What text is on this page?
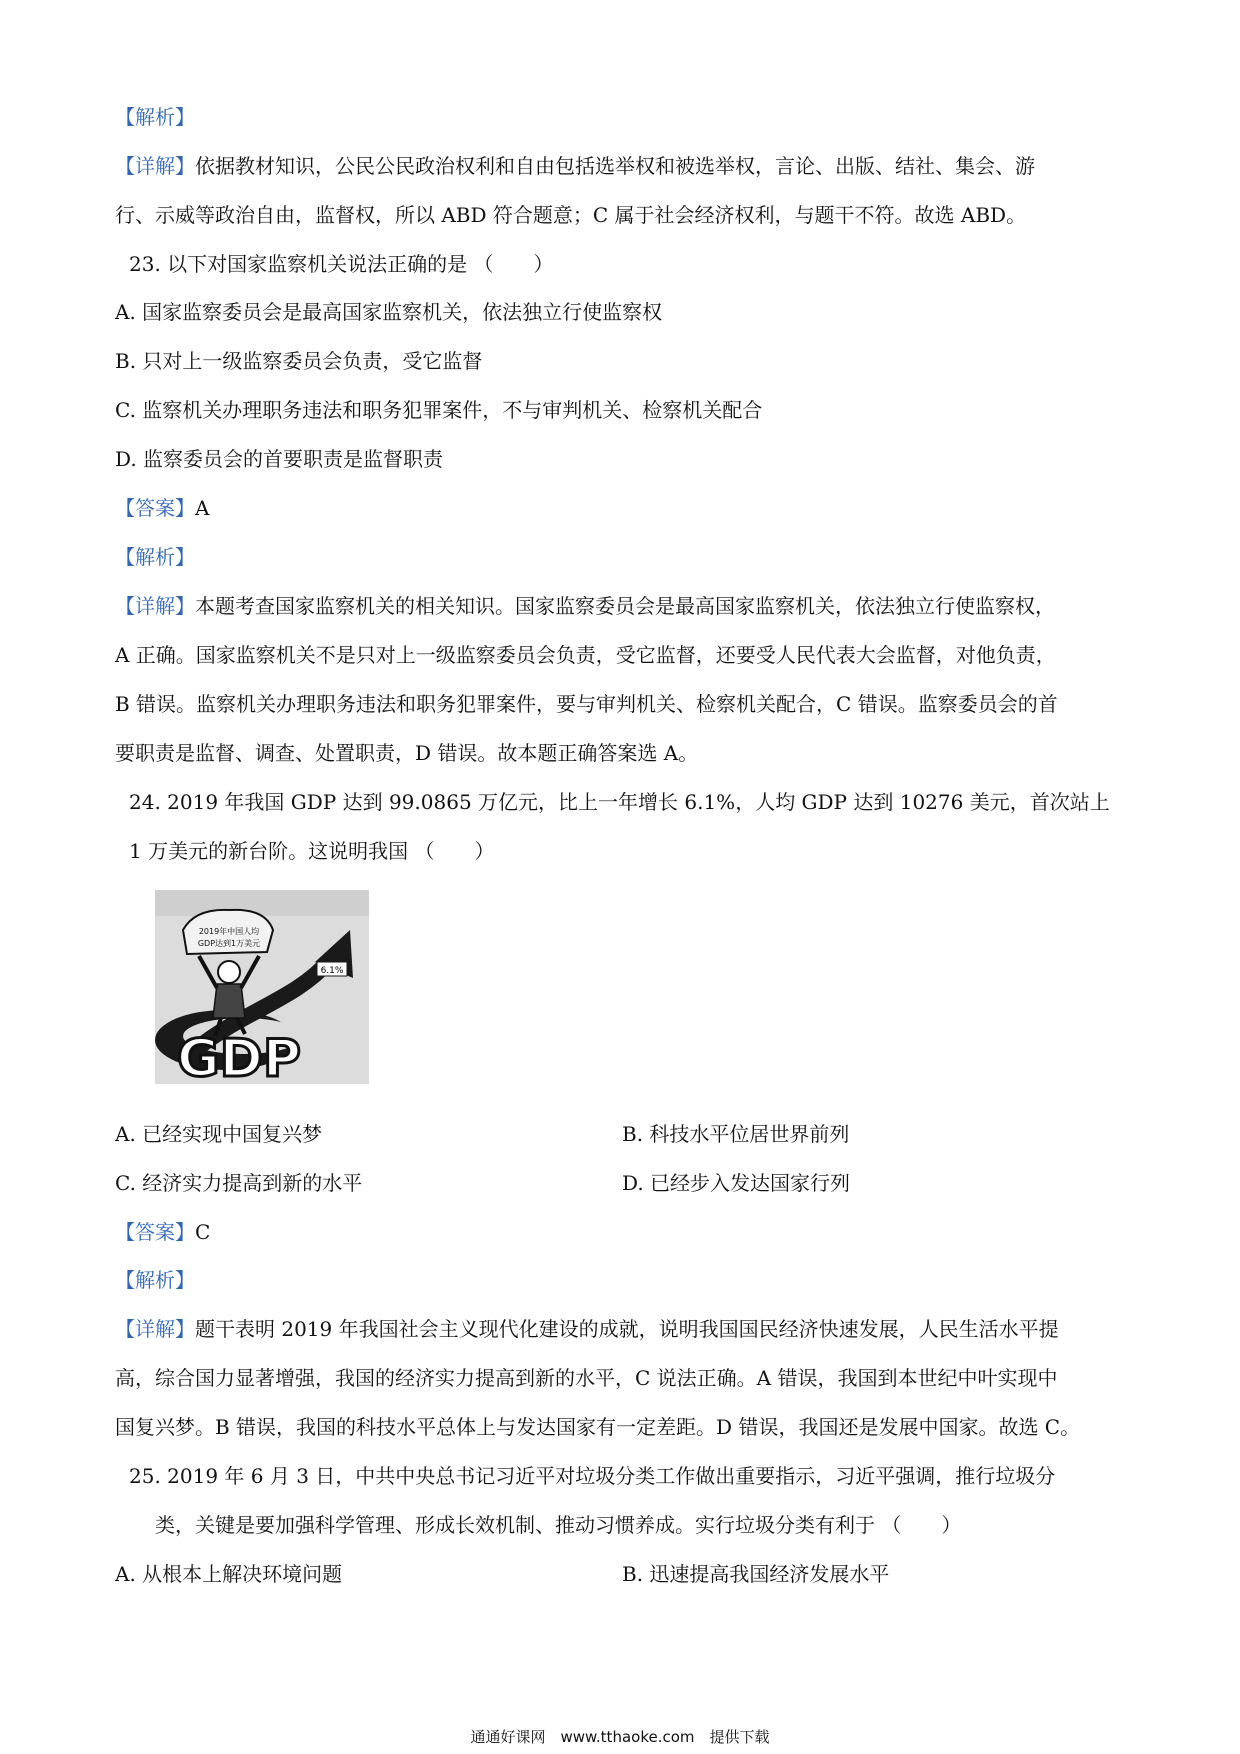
【解析】
【详解】依据教材知识，公民公民政治权利和自由包括选举权和被选举权，言论、出版、结社、集会、游
行、示威等政治自由，监督权，所以 ABD 符合题意；C 属于社会经济权利，与题干不符。故选 ABD。
23. 以下对国家监察机关说法正确的是 （　　）
A. 国家监察委员会是最高国家监察机关，依法独立行使监察权
B. 只对上一级监察委员会负责，受它监督
C. 监察机关办理职务违法和职务犯罪案件，不与审判机关、检察机关配合
D. 监察委员会的首要职责是监督职责
【答案】A
【解析】
【详解】本题考查国家监察机关的相关知识。国家监察委员会是最高国家监察机关，依法独立行使监察权，
A 正确。国家监察机关不是只对上一级监察委员会负责，受它监督，还要受人民代表大会监督，对他负责，
B 错误。监察机关办理职务违法和职务犯罪案件，要与审判机关、检察机关配合，C 错误。监察委员会的首
要职责是监督、调查、处置职责，D 错误。故本题正确答案选 A。
24. 2019 年我国 GDP 达到 99.0865 万亿元，比上一年增长 6.1%，人均 GDP 达到 10276 美元，首次站上
1 万美元的新台阶。这说明我国 （　　）
6.1%
2019年中国人均
GDP达到1万美元
GDP
A. 已经实现中国复兴梦	B. 科技水平位居世界前列
C. 经济实力提高到新的水平	D. 已经步入发达国家行列
【答案】C
【解析】
【详解】题干表明 2019 年我国社会主义现代化建设的成就，说明我国国民经济快速发展，人民生活水平提
高，综合国力显著增强，我国的经济实力提高到新的水平，C 说法正确。A 错误，我国到本世纪中叶实现中
国复兴梦。B 错误，我国的科技水平总体上与发达国家有一定差距。D 错误，我国还是发展中国家。故选 C。
25. 2019 年 6 月 3 日，中共中央总书记习近平对垃圾分类工作做出重要指示，习近平强调，推行垃圾分
类，关键是要加强科学管理、形成长效机制、推动习惯养成。实行垃圾分类有利于 （　　）
A. 从根本上解决环境问题	B. 迅速提高我国经济发展水平
通通好课网　www.tthaoke.com　提供下载
